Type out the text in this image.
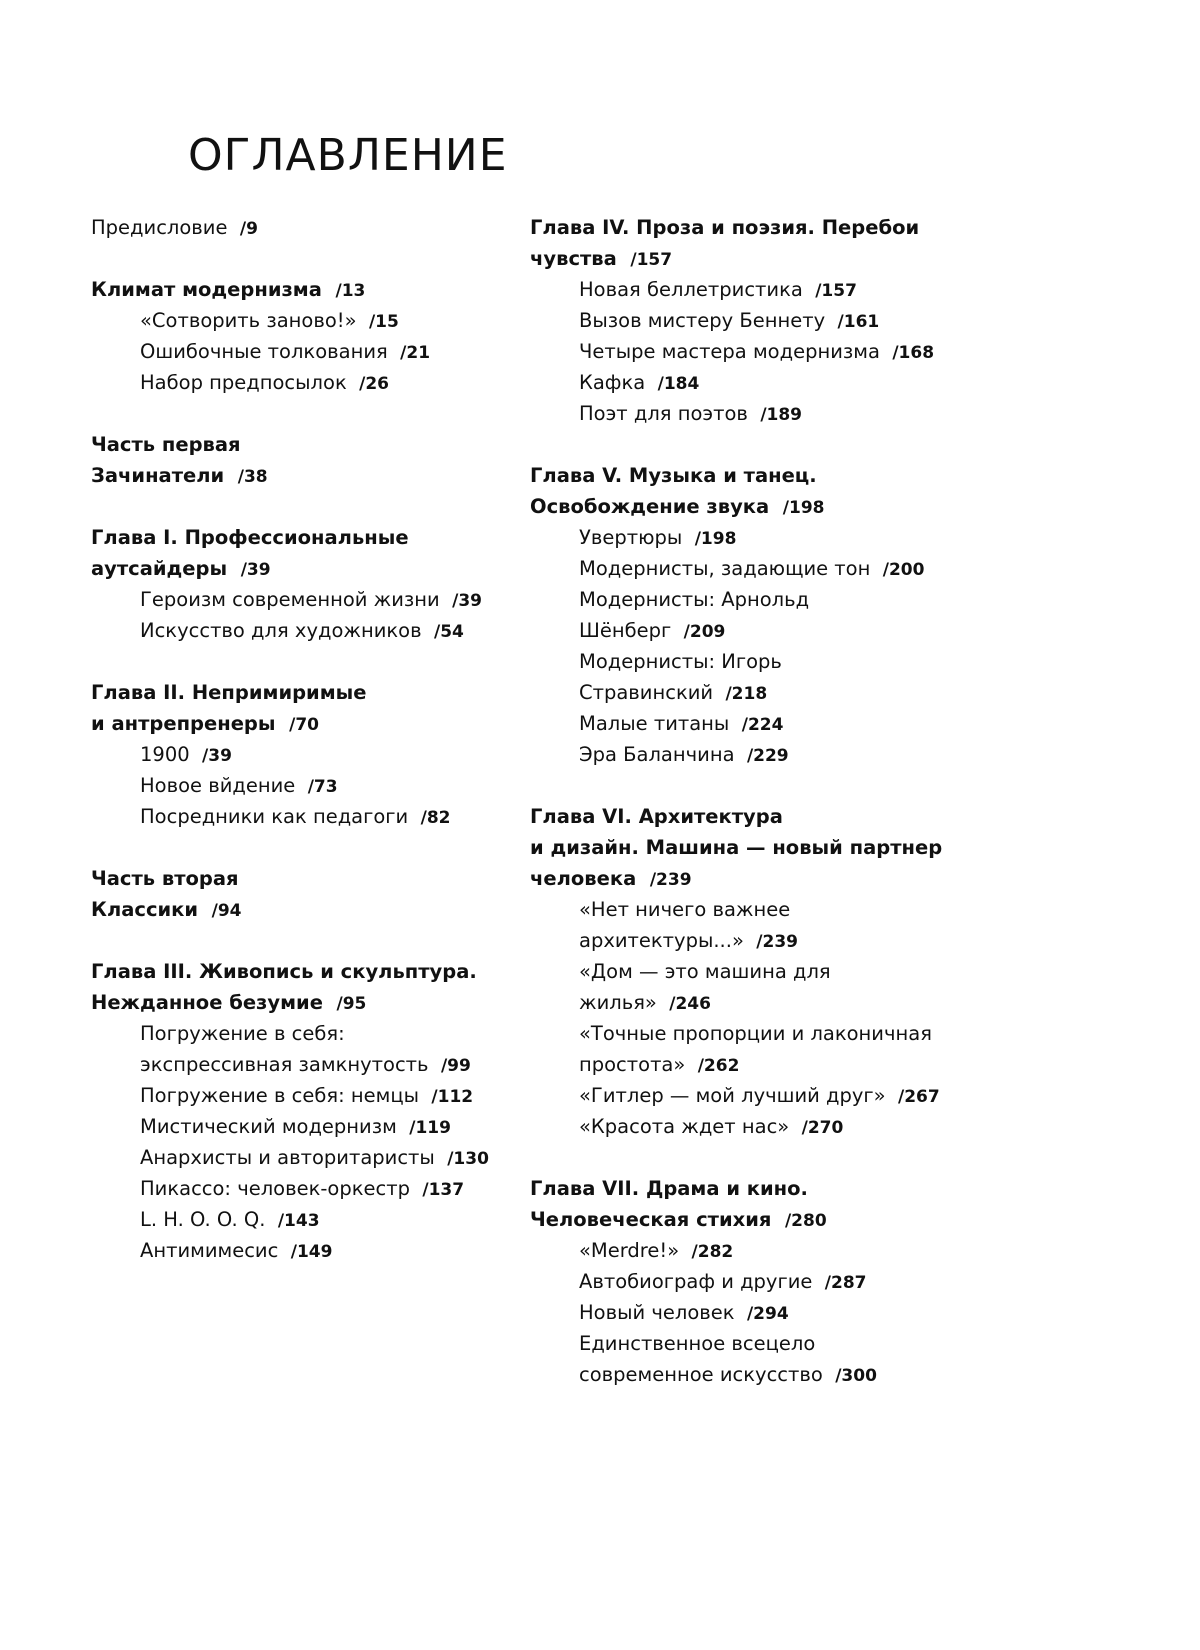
ОГЛАВЛЕНИЕ
Предисловие /9
Климат модернизма /13
«Сотворить заново!» /15
Ошибочные толкования /21
Набор предпосылок /26
Часть первая
Зачинатели /38
Глава I. Профессиональные
аутсайдеры /39
Героизм современной жизни /39
Искусство для художников /54
Глава II. Непримиримые
и антрепренеры /70
1900 /39
Новое вйдение /73
Посредники как педагоги /82
Часть вторая
Классики /94
Глава III. Живопись и скульптура.
Нежданное безумие /95
Погружение в себя:
экспрессивная замкнутость /99
Погружение в себя: немцы /112
Мистический модернизм /119
Анархисты и авторитаристы /130
Пикассо: человек-оркестр /137
L. H. O. O. Q. /143
Антимимесис /149
Глава IV. Проза и поэзия. Перебои
чувства /157
Новая беллетристика /157
Вызов мистеру Беннету /161
Четыре мастера модернизма /168
Кафка /184
Поэт для поэтов /189
Глава V. Музыка и танец.
Освобождение звука /198
Увертюры /198
Модернисты, задающие тон /200
Модернисты: Арнольд
Шёнберг /209
Модернисты: Игорь
Стравинский /218
Малые титаны /224
Эра Баланчина /229
Глава VI. Архитектура
и дизайн. Машина — новый партнер
человека /239
«Нет ничего важнее
архитектуры...» /239
«Дом — это машина для
жилья» /246
«Точные пропорции и лаконичная
простота» /262
«Гитлер — мой лучший друг» /267
«Красота ждет нас» /270
Глава VII. Драма и кино.
Человеческая стихия /280
«Merdre!» /282
Автобиограф и другие /287
Новый человек /294
Единственное всецело
современное искусство /300
